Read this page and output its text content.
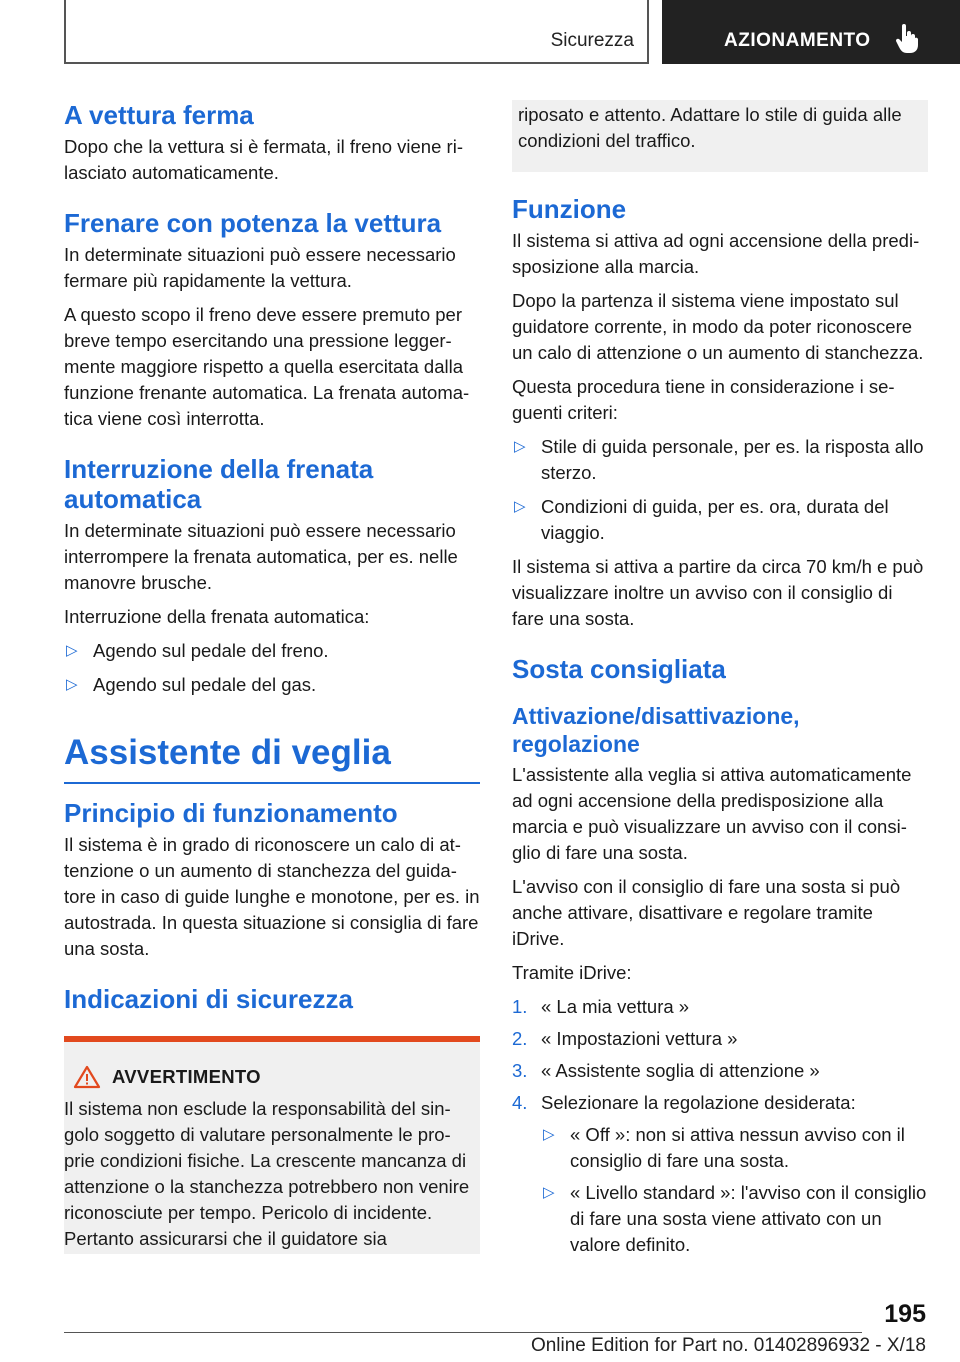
Sicurezza	AZIONAMENTO
A vettura ferma

Dopo che la vettura si è fermata, il freno viene rilasciato automaticamente.

Frenare con potenza la vettura

In determinate situazioni può essere necessario fermare più rapidamente la vettura.

A questo scopo il freno deve essere premuto per breve tempo esercitando una pressione leggermente maggiore rispetto a quella esercitata dalla funzione frenante automatica. La frenata automatica viene così interrotta.

Interruzione della frenata automatica

In determinate situazioni può essere necessario interrompere la frenata automatica, per es. nelle manovre brusche.

Interruzione della frenata automatica:

▷ Agendo sul pedale del freno.
▷ Agendo sul pedale del gas.
Assistente di veglia
Principio di funzionamento

Il sistema è in grado di riconoscere un calo di attenzione o un aumento di stanchezza del guidatore in caso di guide lunghe e monotone, per es. in autostrada. In questa situazione si consiglia di fare una sosta.

Indicazioni di sicurezza
AVVERTIMENTO

Il sistema non esclude la responsabilità del singolo soggetto di valutare personalmente le proprie condizioni fisiche. La crescente mancanza di attenzione o la stanchezza potrebbero non venire riconosciute per tempo. Pericolo di incidente. Pertanto assicurarsi che il guidatore sia

riposato e attento. Adattare lo stile di guida alle condizioni del traffico.

Funzione

Il sistema si attiva ad ogni accensione della predisposizione alla marcia.

Dopo la partenza il sistema viene impostato sul guidatore corrente, in modo da poter riconoscere un calo di attenzione o un aumento di stanchezza.

Questa procedura tiene in considerazione i seguenti criteri:

▷ Stile di guida personale, per es. la risposta allo sterzo.
▷ Condizioni di guida, per es. ora, durata del viaggio.

Il sistema si attiva a partire da circa 70 km/h e può visualizzare inoltre un avviso con il consiglio di fare una sosta.

Sosta consigliata
Attivazione/disattivazione, regolazione

L'assistente alla veglia si attiva automaticamente ad ogni accensione della predisposizione alla marcia e può visualizzare un avviso con il consiglio di fare una sosta.

L'avviso con il consiglio di fare una sosta si può anche attivare, disattivare e regolare tramite iDrive.

Tramite iDrive:

1. « La mia vettura »
2. « Impostazioni vettura »
3. « Assistente soglia di attenzione »
4. Selezionare la regolazione desiderata:
▷ « Off »: non si attiva nessun avviso con il consiglio di fare una sosta.
▷ « Livello standard »: l'avviso con il consiglio di fare una sosta viene attivato con un valore definito.
195
Online Edition for Part no. 01402896932 - X/18
